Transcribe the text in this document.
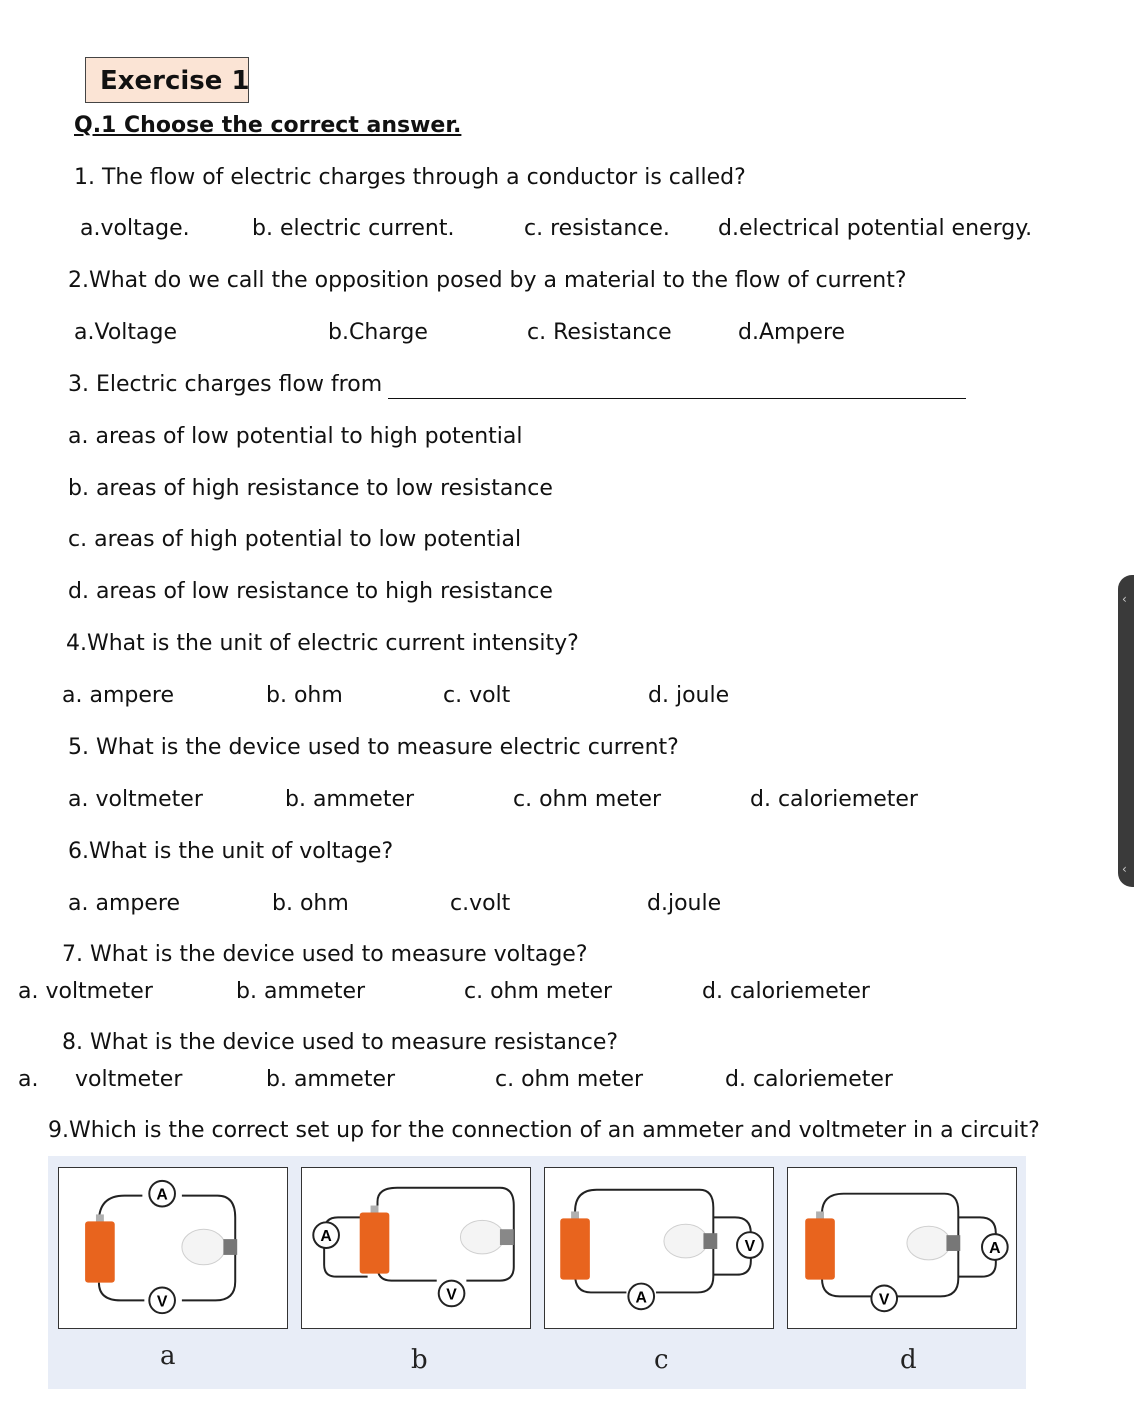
Exercise 1
Q.1 Choose the correct answer.
1. The flow of electric charges through a conductor is called?
a.voltage.	b. electric current.	c. resistance. d.electrical potential energy.
2.What do we call the opposition posed by a material to the flow of current?
a.Voltage	b.Charge	c. Resistance	d.Ampere
3. Electric charges flow from
a. areas of low potential to high potential
b. areas of high resistance to low resistance
c. areas of high potential to low potential
d. areas of low resistance to high resistance
4.What is the unit of electric current intensity?
a. ampere	b. ohm	c. volt	d. joule
5. What is the device used to measure electric current?
a. voltmeter	b. ammeter	c. ohm meter	d. caloriemeter
6.What is the unit of voltage?
a. ampere	b. ohm	c.volt	d.joule
7. What is the device used to measure voltage?
a. voltmeter	b. ammeter	c. ohm meter	d. caloriemeter
8. What is the device used to measure resistance?
a. voltmeter	b. ammeter	c. ohm meter	d. caloriemeter
9.Which is the correct set up for the connection of an ammeter and voltmeter in a circuit?
A
V
a
A
V
b
V
A
c
A
V
d
‹
‹
